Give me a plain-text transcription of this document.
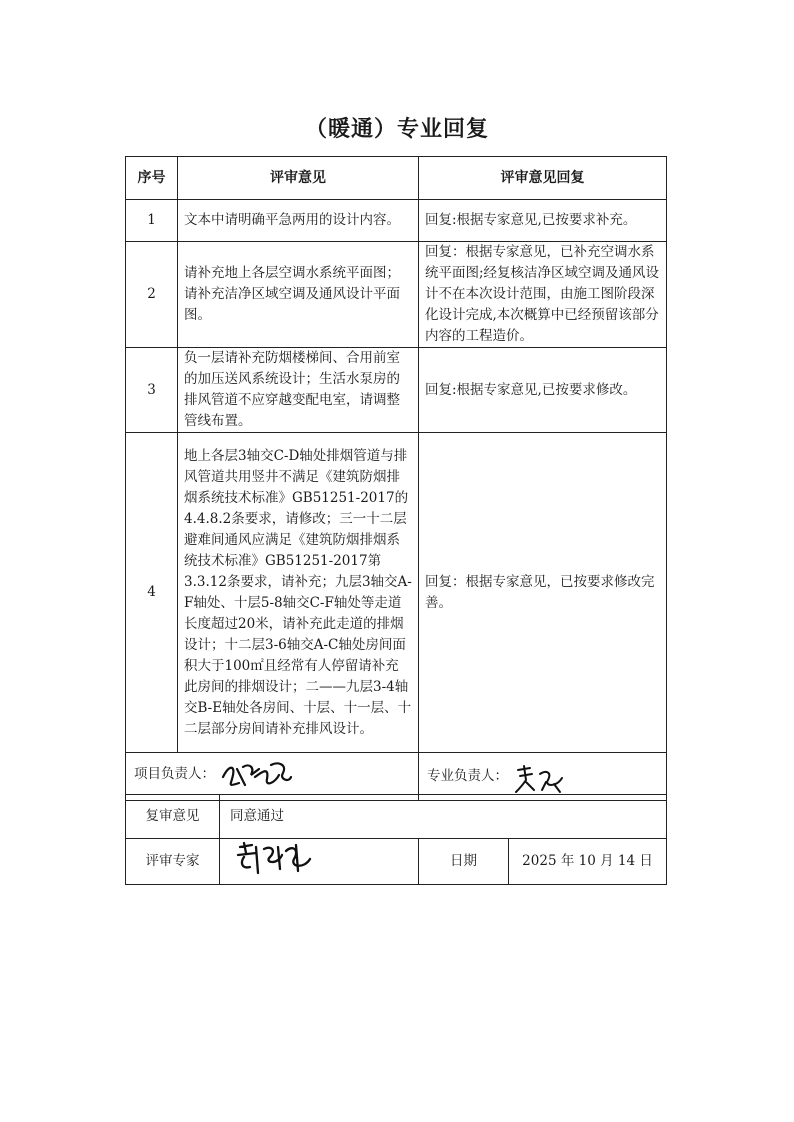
（暖通）专业回复
序号	评审意见	评审意见回复
1	文本中请明确平急两用的设计内容。	回复:根据专家意见,已按要求补充。
2	请补充地上各层空调水系统平面图；请补充洁净区域空调及通风设计平面图。	回复：根据专家意见，已补充空调水系统平面图;经复核洁净区域空调及通风设计不在本次设计范围，由施工图阶段深化设计完成,本次概算中已经预留该部分内容的工程造价。
3	负一层请补充防烟楼梯间、合用前室的加压送风系统设计；生活水泵房的排风管道不应穿越变配电室，请调整管线布置。	回复:根据专家意见,已按要求修改。
4	地上各层3轴交C-D轴处排烟管道与排风管道共用竖井不满足《建筑防烟排烟系统技术标准》GB51251-2017的4.4.8.2条要求，请修改；三一十二层避难间通风应满足《建筑防烟排烟系统技术标准》GB51251-2017第3.3.12条要求，请补充；九层3轴交A-F轴处、十层5-8轴交C-F轴处等走道长度超过20米，请补充此走道的排烟设计；十二层3-6轴交A-C轴处房间面积大于100㎡且经常有人停留请补充此房间的排烟设计；二——九层3-4轴交B-E轴处各房间、十层、十一层、十二层部分房间请补充排风设计。	回复：根据专家意见，已按要求修改完善。
项目负责人：		专业负责人：
复审意见	同意通过		
评审专家		日期	2025 年 10 月 14 日
